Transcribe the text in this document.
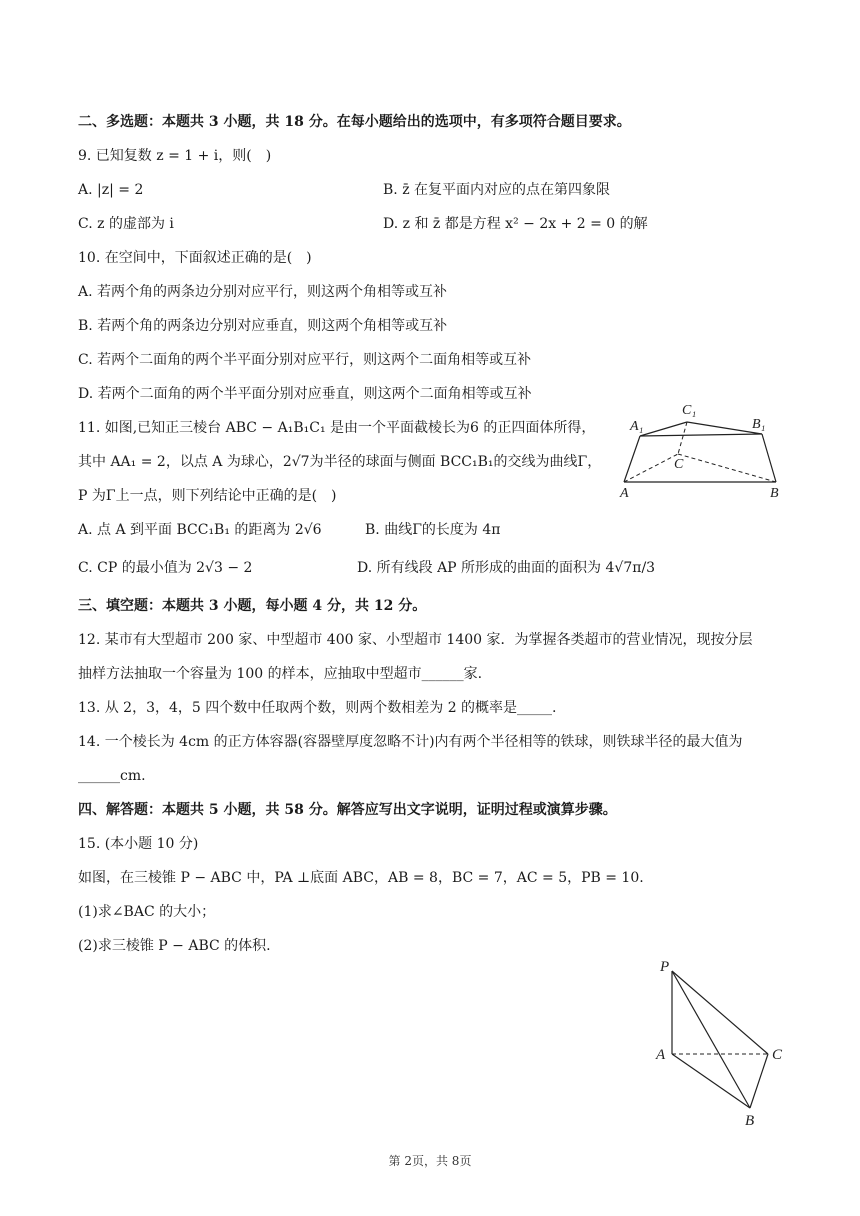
二、多选题：本题共 3 小题，共 18 分。在每小题给出的选项中，有多项符合题目要求。
9. 已知复数 z = 1 + i，则(　)
A. |z| = 2	B. z̄ 在复平面内对应的点在第四象限
C. z 的虚部为 i	D. z 和 z̄ 都是方程 x² − 2x + 2 = 0 的解
10. 在空间中，下面叙述正确的是(　)
A. 若两个角的两条边分别对应平行，则这两个角相等或互补
B. 若两个角的两条边分别对应垂直，则这两个角相等或互补
C. 若两个二面角的两个半平面分别对应平行，则这两个二面角相等或互补
D. 若两个二面角的两个半平面分别对应垂直，则这两个二面角相等或互补
11. 如图,已知正三棱台 ABC − A₁B₁C₁ 是由一个平面截棱长为6 的正四面体所得，
其中 AA₁ = 2，以点 A 为球心，2√7为半径的球面与侧面 BCC₁B₁的交线为曲线Γ，
P 为Γ上一点，则下列结论中正确的是(　)
A₁
C₁
B₁
C
A	B
A. 点 A 到平面 BCC₁B₁ 的距离为 2√6	B. 曲线Γ的长度为 4π
C. CP 的最小值为 2√3 − 2	D. 所有线段 AP 所形成的曲面的面积为 4√7π/3
三、填空题：本题共 3 小题，每小题 4 分，共 12 分。
12. 某市有大型超市 200 家、中型超市 400 家、小型超市 1400 家．为掌握各类超市的营业情况，现按分层
抽样方法抽取一个容量为 100 的样本，应抽取中型超市______家.
13. 从 2，3，4，5 四个数中任取两个数，则两个数相差为 2 的概率是_____.
14. 一个棱长为 4cm 的正方体容器(容器壁厚度忽略不计)内有两个半径相等的铁球，则铁球半径的最大值为
______cm.
四、解答题：本题共 5 小题，共 58 分。解答应写出文字说明，证明过程或演算步骤。
15. (本小题 10 分)
如图，在三棱锥 P − ABC 中，PA ⊥底面 ABC，AB = 8，BC = 7，AC = 5，PB = 10.
(1)求∠BAC 的大小；
(2)求三棱锥 P − ABC 的体积.
P
A	C
B
第 2页，共 8页
